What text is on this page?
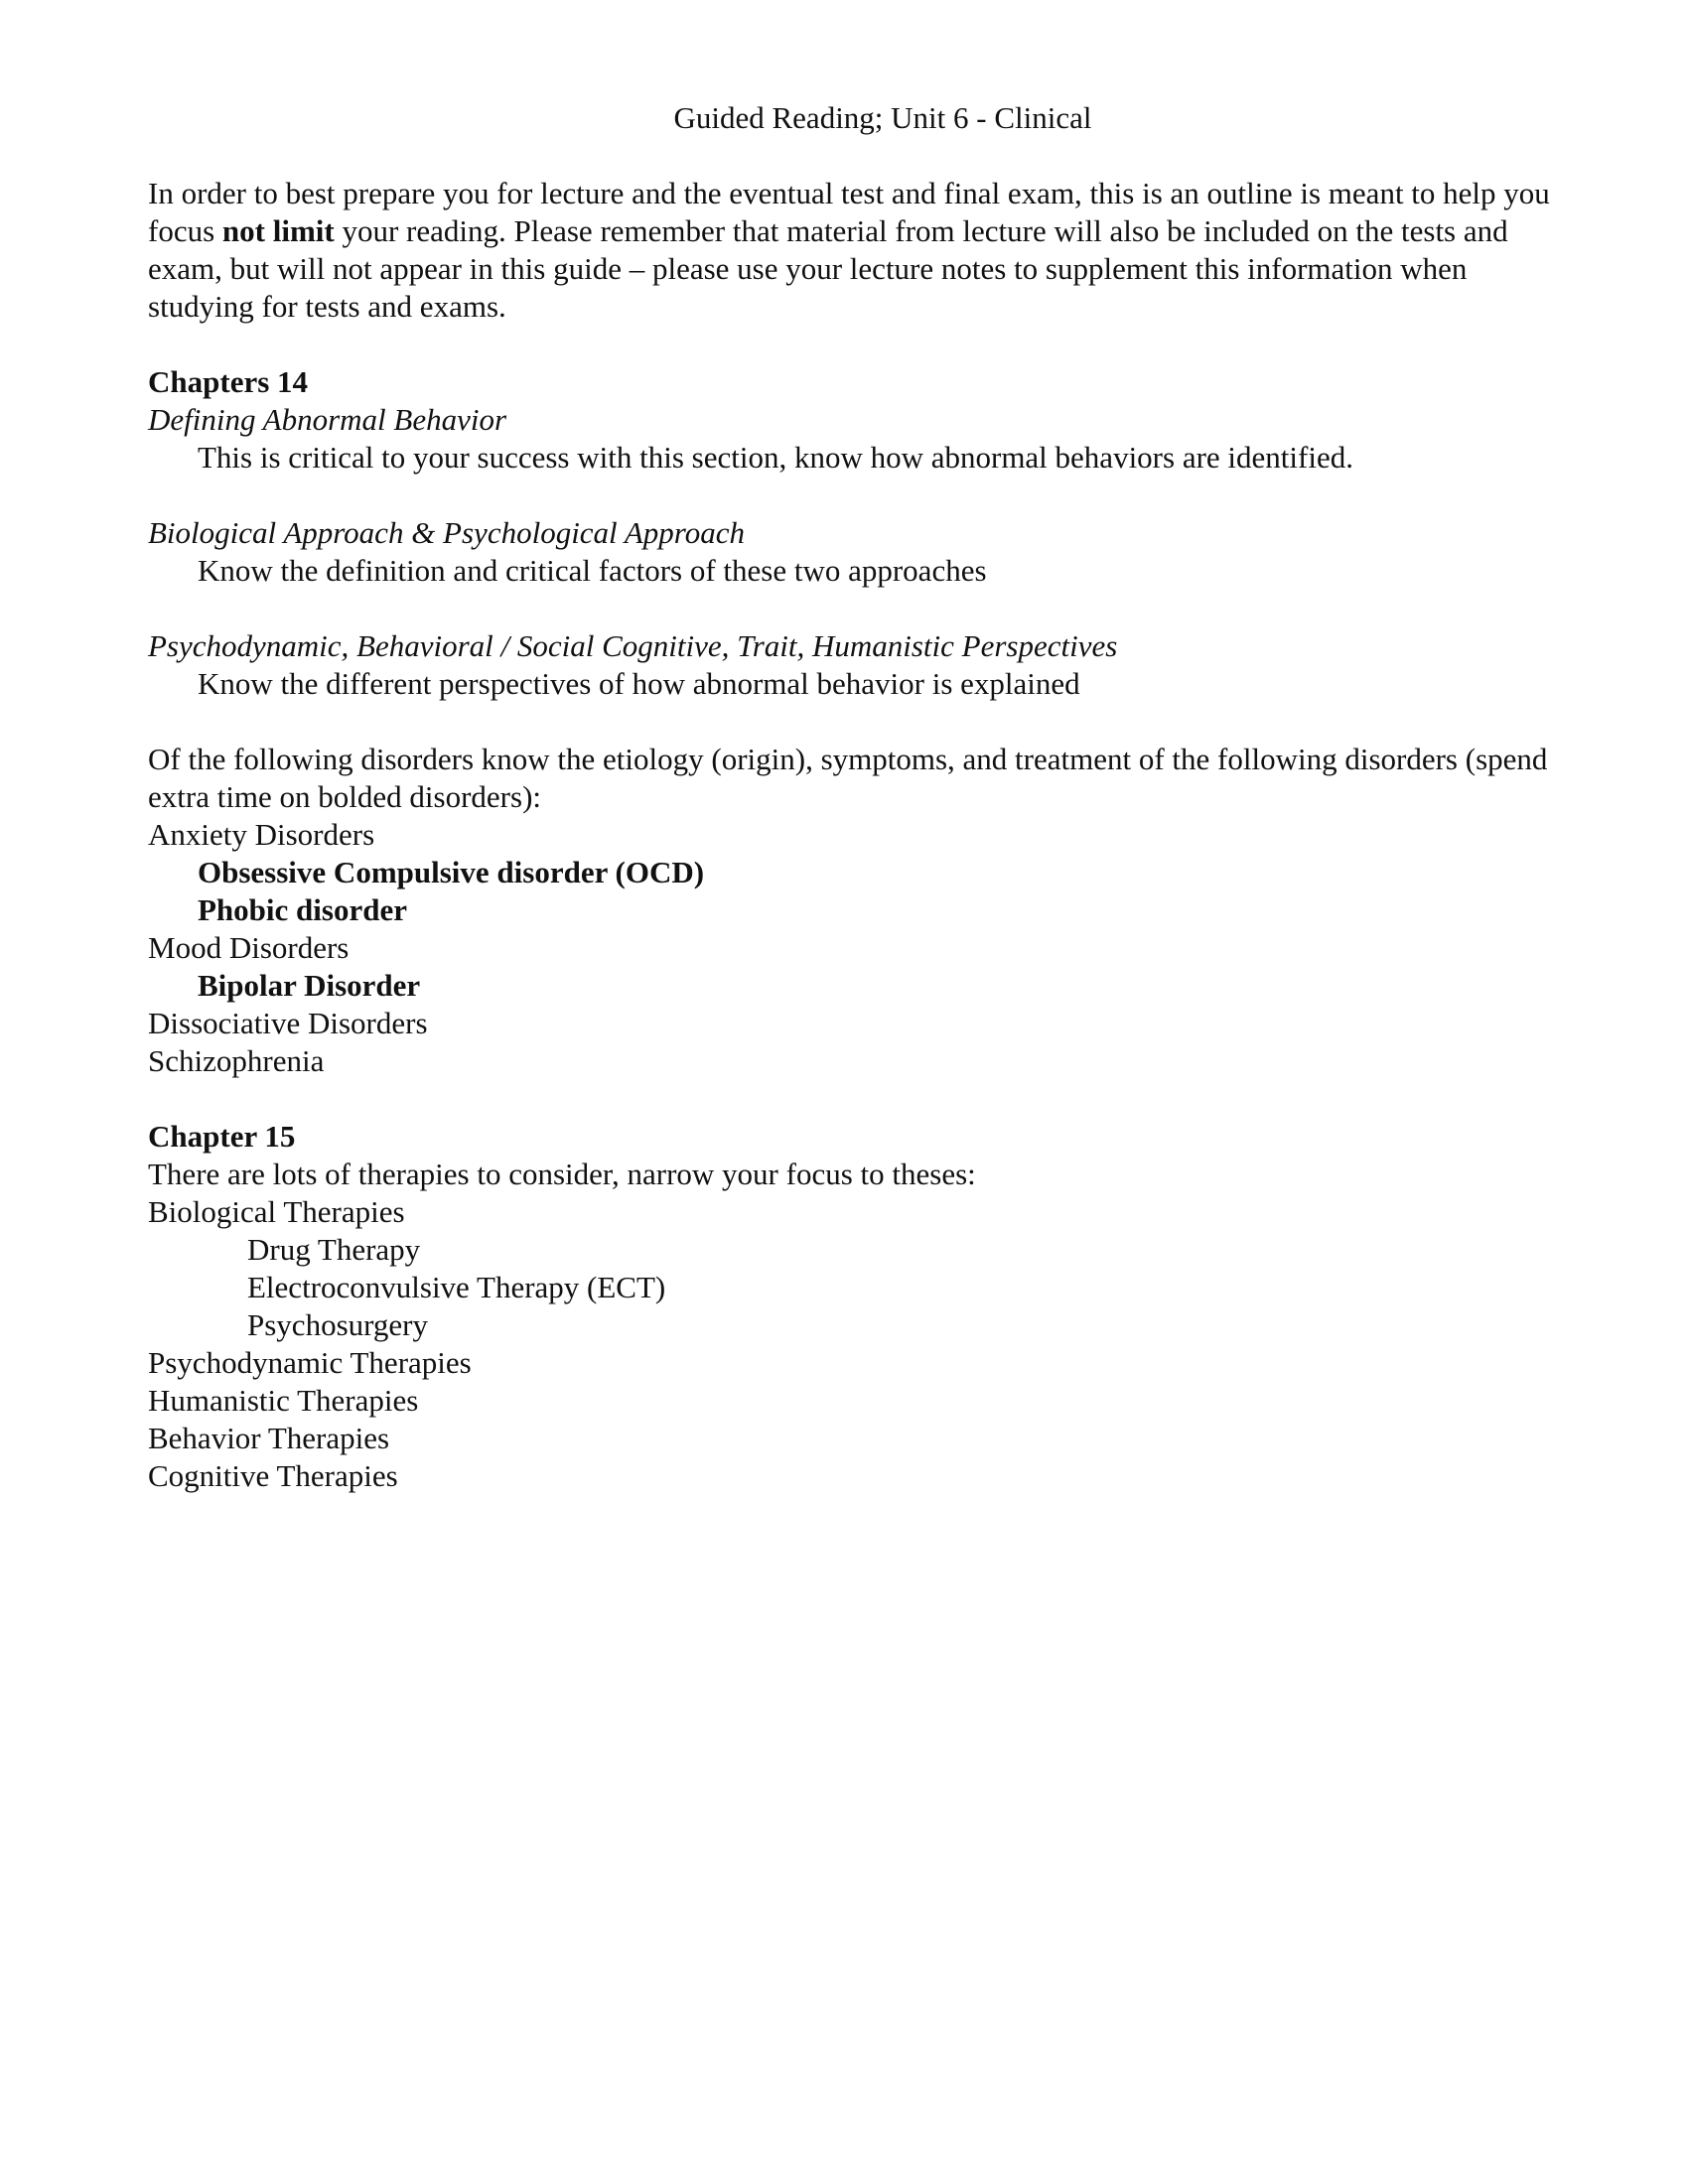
Guided Reading; Unit 6 - Clinical
In order to best prepare you for lecture and the eventual test and final exam, this is an outline is meant to help you focus not limit your reading. Please remember that material from lecture will also be included on the tests and exam, but will not appear in this guide – please use your lecture notes to supplement this information when studying for tests and exams.
Chapters 14
Defining Abnormal Behavior
This is critical to your success with this section, know how abnormal behaviors are identified.
Biological Approach & Psychological Approach
Know the definition and critical factors of these two approaches
Psychodynamic, Behavioral / Social Cognitive, Trait, Humanistic Perspectives
Know the different perspectives of how abnormal behavior is explained
Of the following disorders know the etiology (origin), symptoms, and treatment of the following disorders (spend extra time on bolded disorders):
Anxiety Disorders
Obsessive Compulsive disorder (OCD)
Phobic disorder
Mood Disorders
Bipolar Disorder
Dissociative Disorders
Schizophrenia
Chapter 15
There are lots of therapies to consider, narrow your focus to theses:
Biological Therapies
Drug Therapy
Electroconvulsive Therapy (ECT)
Psychosurgery
Psychodynamic Therapies
Humanistic Therapies
Behavior Therapies
Cognitive Therapies
